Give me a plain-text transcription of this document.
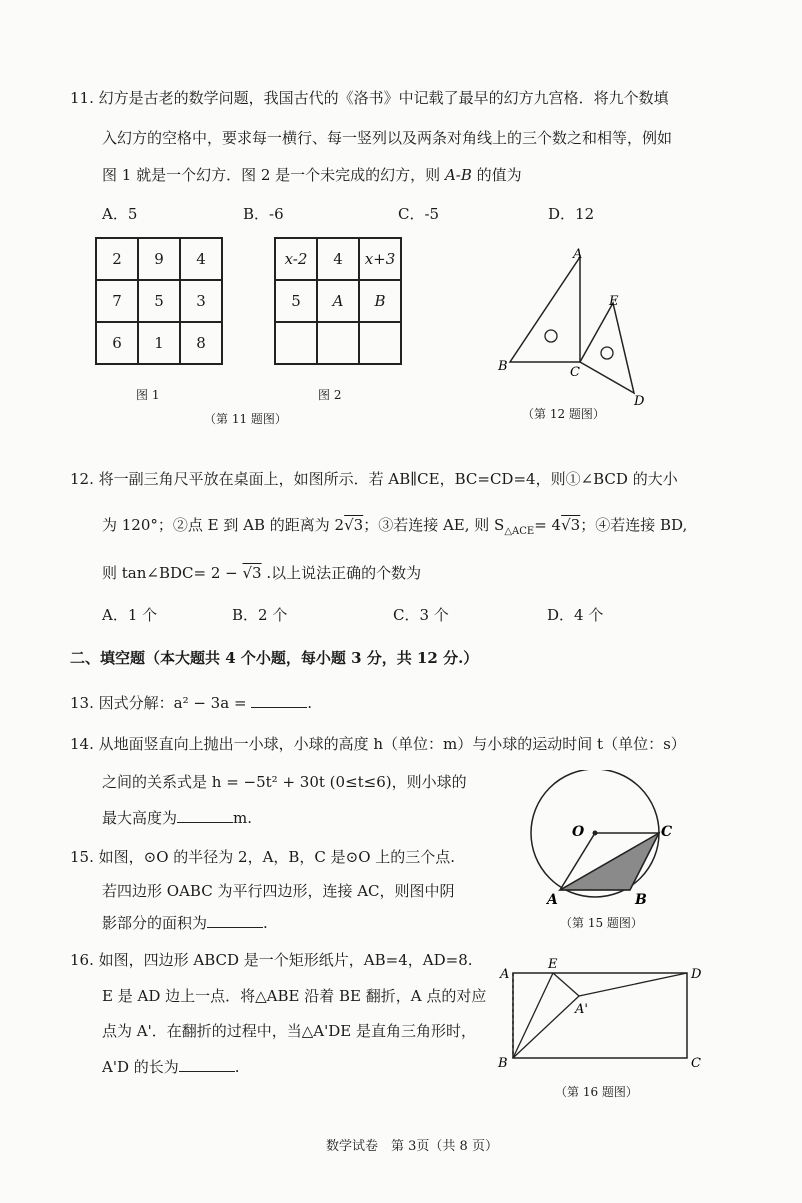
11. 幻方是古老的数学问题，我国古代的《洛书》中记载了最早的幻方九宫格．将九个数填
入幻方的空格中，要求每一横行、每一竖列以及两条对角线上的三个数之和相等，例如
图 1 就是一个幻方．图 2 是一个未完成的幻方，则 A-B 的值为
A．5	B．-6	C．-5	D．12
2	9	4
7	5	3
6	1	8
图 1
x-2	4	x+3
5	A	B

图 2
（第 11 题图）
A
B	C
E
D
（第 12 题图）
12. 将一副三角尺平放在桌面上，如图所示．若 AB∥CE，BC=CD=4，则①∠BCD 的大小
为 120°；②点 E 到 AB 的距离为 2√3；③若连接 AE, 则 $S_{\triangle ACE}= 4√3$；④若连接 BD,
则 tan∠BDC= 2 − √3 .以上说法正确的个数为
A．1 个	B．2 个	C．3 个	D．4 个
二、填空题（本大题共 4 个小题，每小题 3 分，共 12 分.）
13. 因式分解：a² − 3a =	.
14. 从地面竖直向上抛出一小球，小球的高度 h（单位：m）与小球的运动时间 t（单位：s）
之间的关系式是 h = −5t² + 30t (0≤t≤6)，则小球的
最大高度为	m.
O	C
A	B
（第 15 题图）
15. 如图，⊙O 的半径为 2，A，B，C 是⊙O 上的三个点.
若四边形 OABC 为平行四边形，连接 AC，则图中阴
影部分的面积为	.
16. 如图，四边形 ABCD 是一个矩形纸片，AB=4，AD=8.
E 是 AD 边上一点．将△ABE 沿着 BE 翻折，A 点的对应
点为 A'．在翻折的过程中，当△A'DE 是直角三角形时，
A'D 的长为	.
A
E
D
B	C
A'
（第 16 题图）
数学试卷　第 3页（共 8 页）
